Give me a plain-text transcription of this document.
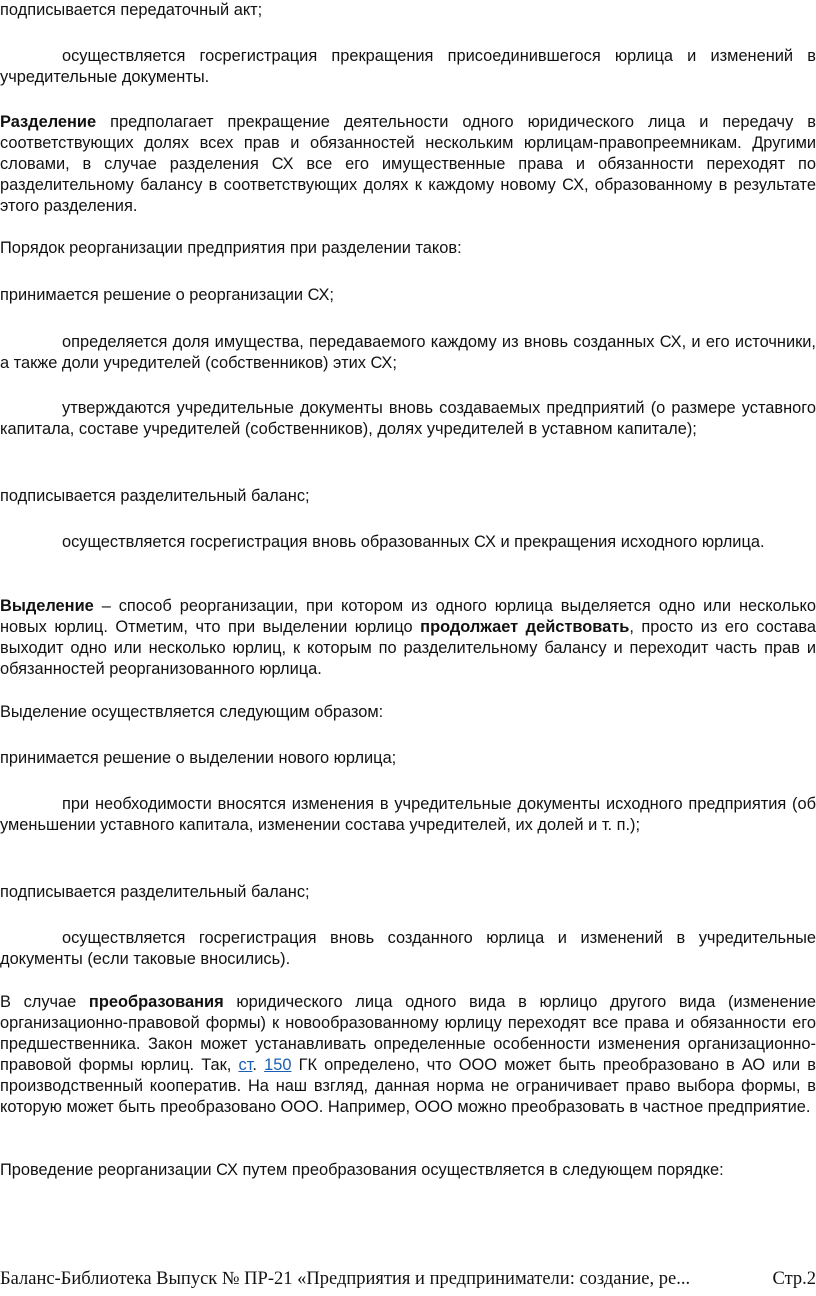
подписывается передаточный акт;

осуществляется госрегистрация прекращения присоединившегося юрлица и изменений в учредительные документы.

Разделение предполагает прекращение деятельности одного юридического лица и передачу в соответствующих долях всех прав и обязанностей нескольким юрлицам-правопреемникам. Другими словами, в случае разделения СХ все его имущественные права и обязанности переходят по разделительному балансу в соответствующих долях к каждому новому СХ, образованному в результате этого разделения.

Порядок реорганизации предприятия при разделении таков:

принимается решение о реорганизации СХ;

определяется доля имущества, передаваемого каждому из вновь созданных СХ, и его источники, а также доли учредителей (собственников) этих СХ;

утверждаются учредительные документы вновь создаваемых предприятий (о размере уставного капитала, составе учредителей (собственников), долях учредителей в уставном капитале);

подписывается разделительный баланс;

осуществляется госрегистрация вновь образованных СХ и прекращения исходного юрлица.

Выделение – способ реорганизации, при котором из одного юрлица выделяется одно или несколько новых юрлиц. Отметим, что при выделении юрлицо продолжает действовать, просто из его состава выходит одно или несколько юрлиц, к которым по разделительному балансу и переходит часть прав и обязанностей реорганизованного юрлица.

Выделение осуществляется следующим образом:

принимается решение о выделении нового юрлица;

при необходимости вносятся изменения в учредительные документы исходного предприятия (об уменьшении уставного капитала, изменении состава учредителей, их долей и т. п.);

подписывается разделительный баланс;

осуществляется госрегистрация вновь созданного юрлица и изменений в учредительные документы (если таковые вносились).

В случае преобразования юридического лица одного вида в юрлицо другого вида (изменение организационно-правовой формы) к новообразованному юрлицу переходят все права и обязанности его предшественника. Закон может устанавливать определенные особенности изменения организационно-правовой формы юрлиц. Так, ст. 150 ГК определено, что ООО может быть преобразовано в АО или в производственный кооператив. На наш взгляд, данная норма не ограничивает право выбора формы, в которую может быть преобразовано ООО. Например, ООО можно преобразовать в частное предприятие.

Проведение реорганизации СХ путем преобразования осуществляется в следующем порядке:

Баланс-Библиотека Выпуск № ПР-21 «Предприятия и предприниматели: создание, ре...	Стр.2
